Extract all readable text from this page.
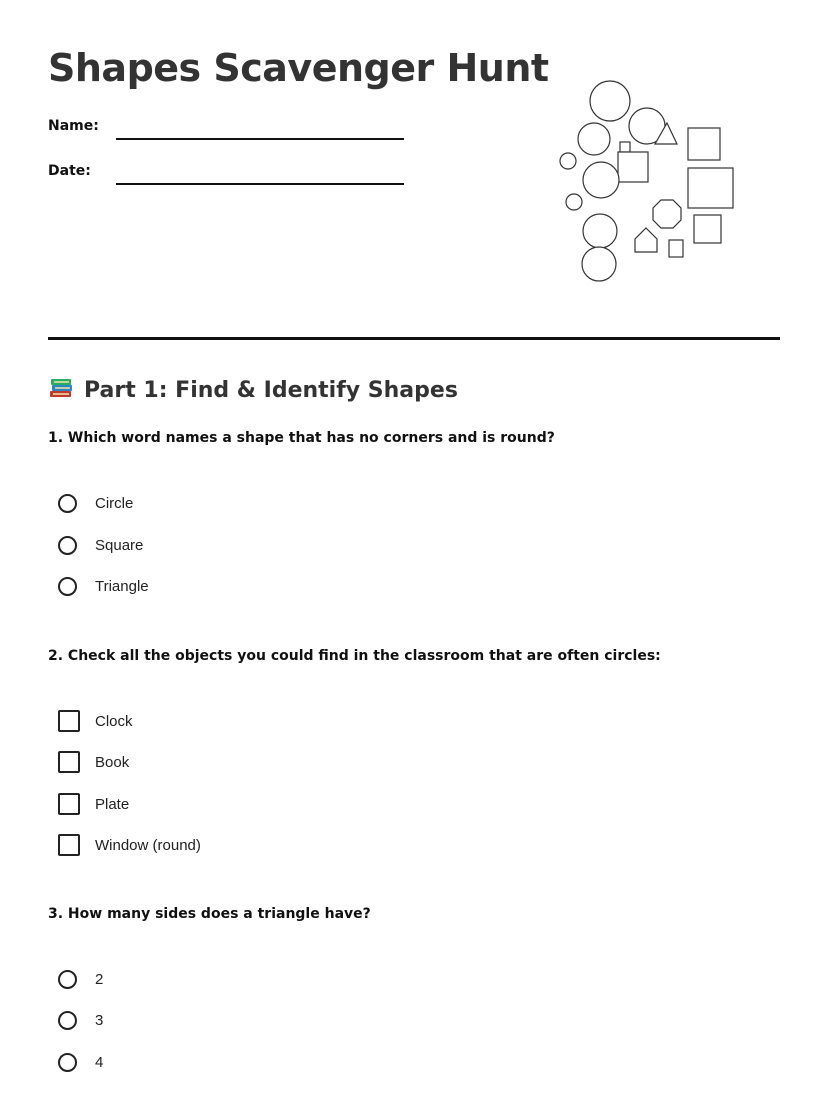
Shapes Scavenger Hunt
Name:
Date:
Part 1: Find & Identify Shapes
1. Which word names a shape that has no corners and is round?
Circle
Square
Triangle
2. Check all the objects you could find in the classroom that are often circles:
Clock
Book
Plate
Window (round)
3. How many sides does a triangle have?
2
3
4
